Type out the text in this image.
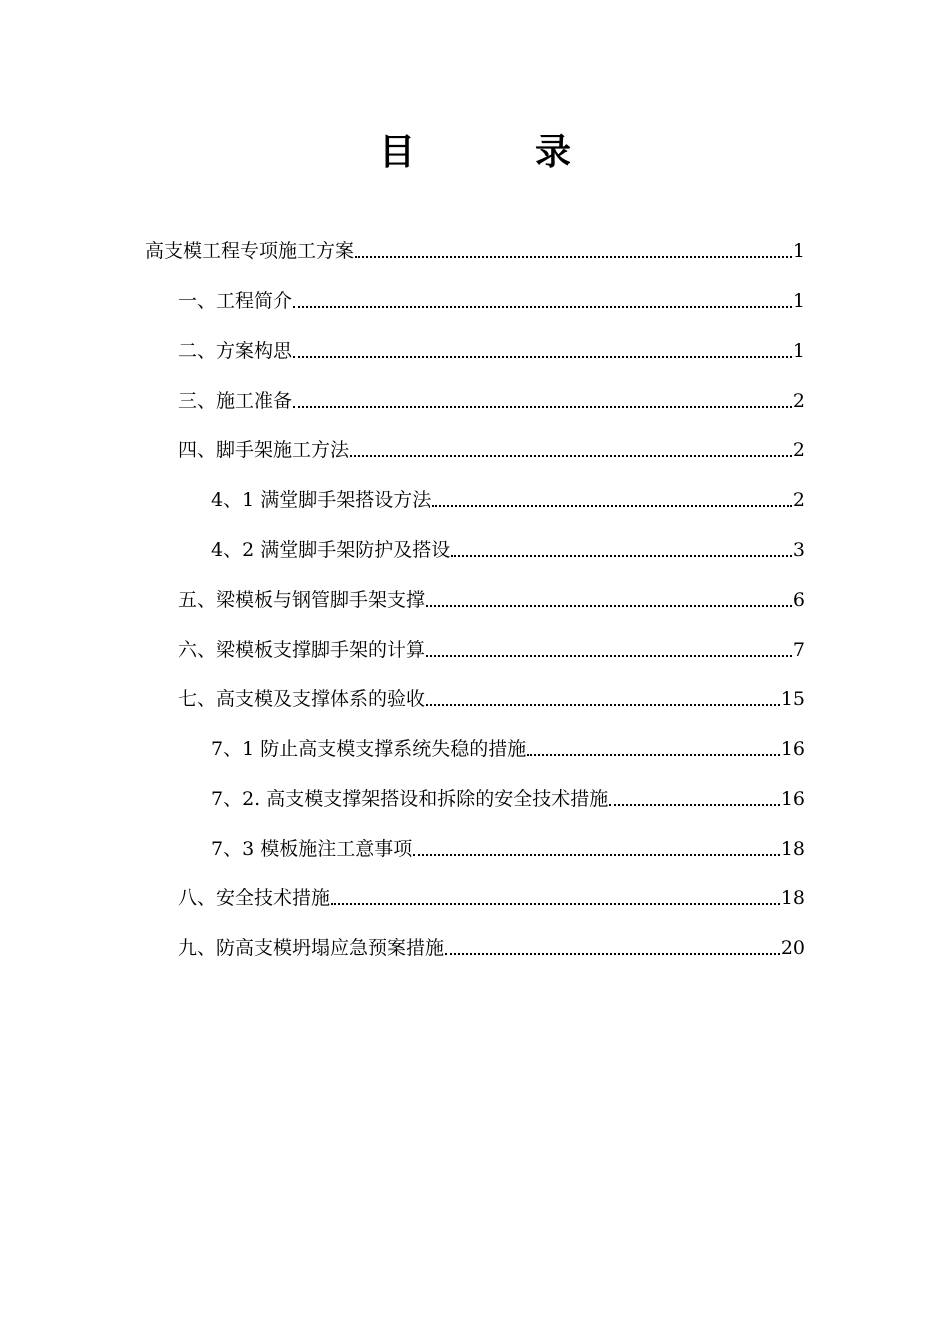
目	录
高支模工程专项施工方案	1
一、工程简介	1
二、方案构思	1
三、施工准备	2
四、脚手架施工方法	2
4、1 满堂脚手架搭设方法	2
4、2 满堂脚手架防护及搭设	3
五、梁模板与钢管脚手架支撑	6
六、梁模板支撑脚手架的计算	7
七、高支模及支撑体系的验收	15
7、1 防止高支模支撑系统失稳的措施	16
7、2. 高支模支撑架搭设和拆除的安全技术措施	16
7、3 模板施注工意事项	18
八、安全技术措施	18
九、防高支模坍塌应急预案措施	20
